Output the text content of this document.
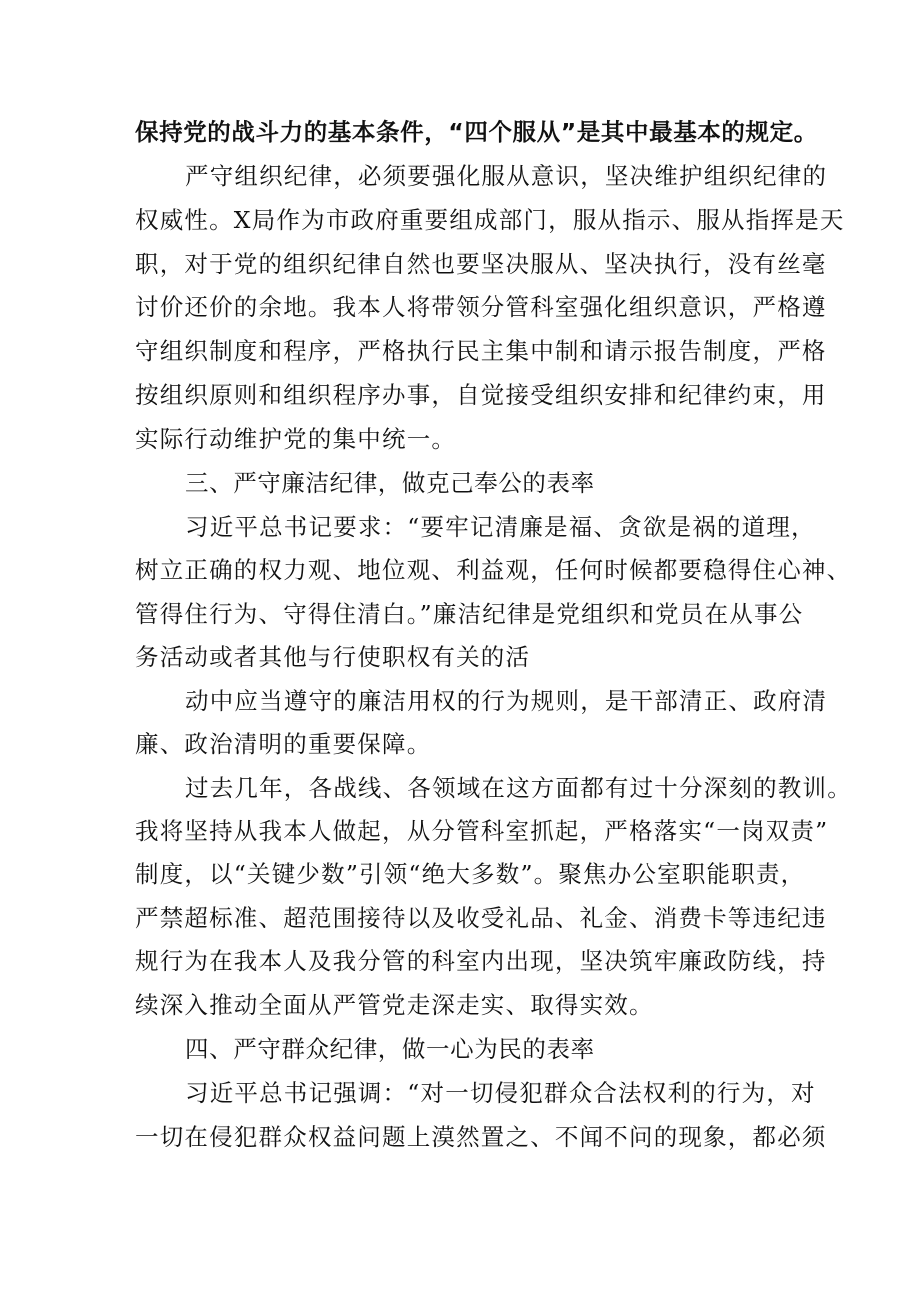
保持党的战斗力的基本条件，“四个服从”是其中最基本的规定。
严守组织纪律，必须要强化服从意识，坚决维护组织纪律的
权威性。X局作为市政府重要组成部门，服从指示、服从指挥是天
职，对于党的组织纪律自然也要坚决服从、坚决执行，没有丝毫
讨价还价的余地。我本人将带领分管科室强化组织意识，严格遵
守组织制度和程序，严格执行民主集中制和请示报告制度，严格
按组织原则和组织程序办事，自觉接受组织安排和纪律约束，用
实际行动维护党的集中统一。
三、严守廉洁纪律，做克己奉公的表率
习近平总书记要求：“要牢记清廉是福、贪欲是祸的道理，
树立正确的权力观、地位观、利益观，任何时候都要稳得住心神、
管得住行为、守得住清白。”廉洁纪律是党组织和党员在从事公
务活动或者其他与行使职权有关的活
动中应当遵守的廉洁用权的行为规则，是干部清正、政府清
廉、政治清明的重要保障。
过去几年，各战线、各领域在这方面都有过十分深刻的教训。
我将坚持从我本人做起，从分管科室抓起，严格落实“一岗双责”
制度，以“关键少数”引领“绝大多数”。聚焦办公室职能职责，
严禁超标准、超范围接待以及收受礼品、礼金、消费卡等违纪违
规行为在我本人及我分管的科室内出现，坚决筑牢廉政防线，持
续深入推动全面从严管党走深走实、取得实效。
四、严守群众纪律，做一心为民的表率
习近平总书记强调：“对一切侵犯群众合法权利的行为，对
一切在侵犯群众权益问题上漠然置之、不闻不问的现象，都必须
